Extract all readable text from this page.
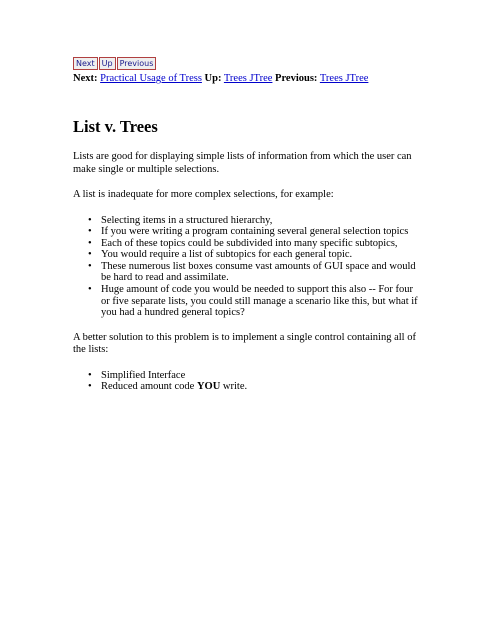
Next Up Previous
Next: Practical Usage of Tress Up: Trees JTree Previous: Trees JTree
List v. Trees

Lists are good for displaying simple lists of information from which the user can make single or multiple selections.

A list is inadequate for more complex selections, for example:

• Selecting items in a structured hierarchy,
• If you were writing a program containing several general selection topics
• Each of these topics could be subdivided into many specific subtopics,
• You would require a list of subtopics for each general topic.
• These numerous list boxes consume vast amounts of GUI space and would be hard to read and assimilate.
• Huge amount of code you would be needed to support this also -- For four or five separate lists, you could still manage a scenario like this, but what if you had a hundred general topics?

A better solution to this problem is to implement a single control containing all of the lists:

• Simplified Interface
• Reduced amount code YOU write.
